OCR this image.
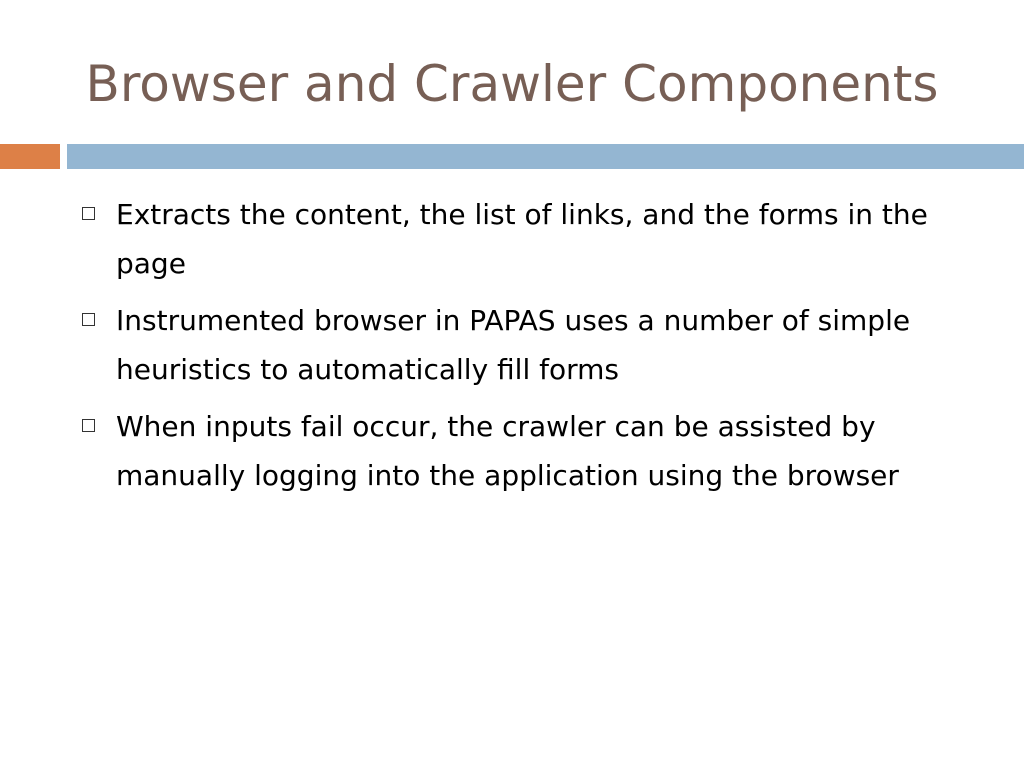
Browser and Crawler Components
Extracts the content, the list of links, and the forms in the page
Instrumented browser in PAPAS uses a number of simple heuristics to automatically fill forms
When inputs fail occur, the crawler can be assisted by manually logging into the application using the browser
